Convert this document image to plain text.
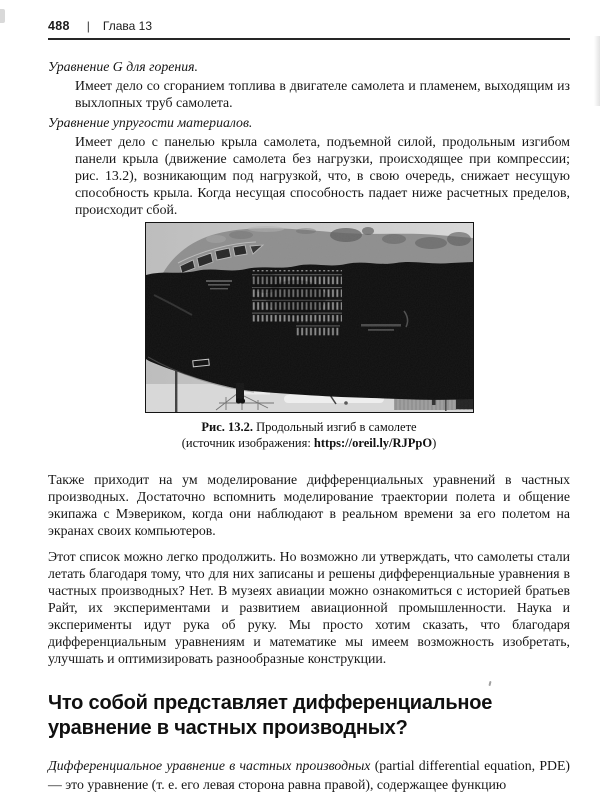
488 | Глава 13

Уравнение G для горения.

Имеет дело со сгоранием топлива в двигателе самолета и пламенем, выходящим из выхлопных труб самолета.

Уравнение упругости материалов.

Имеет дело с панелью крыла самолета, подъемной силой, продольным изгибом панели крыла (движение самолета без нагрузки, происходящее при компрессии; рис. 13.2), возникающим под нагрузкой, что, в свою очередь, снижает несущую способность крыла. Когда несущая способность падает ниже расчетных пределов, происходит сбой.

Рис. 13.2. Продольный изгиб в самолете
(источник изображения: https://oreil.ly/RJPpO)

Также приходит на ум моделирование дифференциальных уравнений в частных производных. Достаточно вспомнить моделирование траектории полета и общение экипажа с Мэвериком, когда они наблюдают в реальном времени за его полетом на экранах своих компьютеров.

Этот список можно легко продолжить. Но возможно ли утверждать, что самолеты стали летать благодаря тому, что для них записаны и решены дифференциальные уравнения в частных производных? Нет. В музеях авиации можно ознакомиться с историей братьев Райт, их экспериментами и развитием авиационной промышленности. Наука и эксперименты идут рука об руку. Мы просто хотим сказать, что благодаря дифференциальным уравнениям и математике мы имеем возможность изобретать, улучшать и оптимизировать разнообразные конструкции.

Что собой представляет дифференциальное уравнение в частных производных?

Дифференциальное уравнение в частных производных (partial differential equation, PDE) — это уравнение (т. е. его левая сторона равна правой), содержащее функцию
